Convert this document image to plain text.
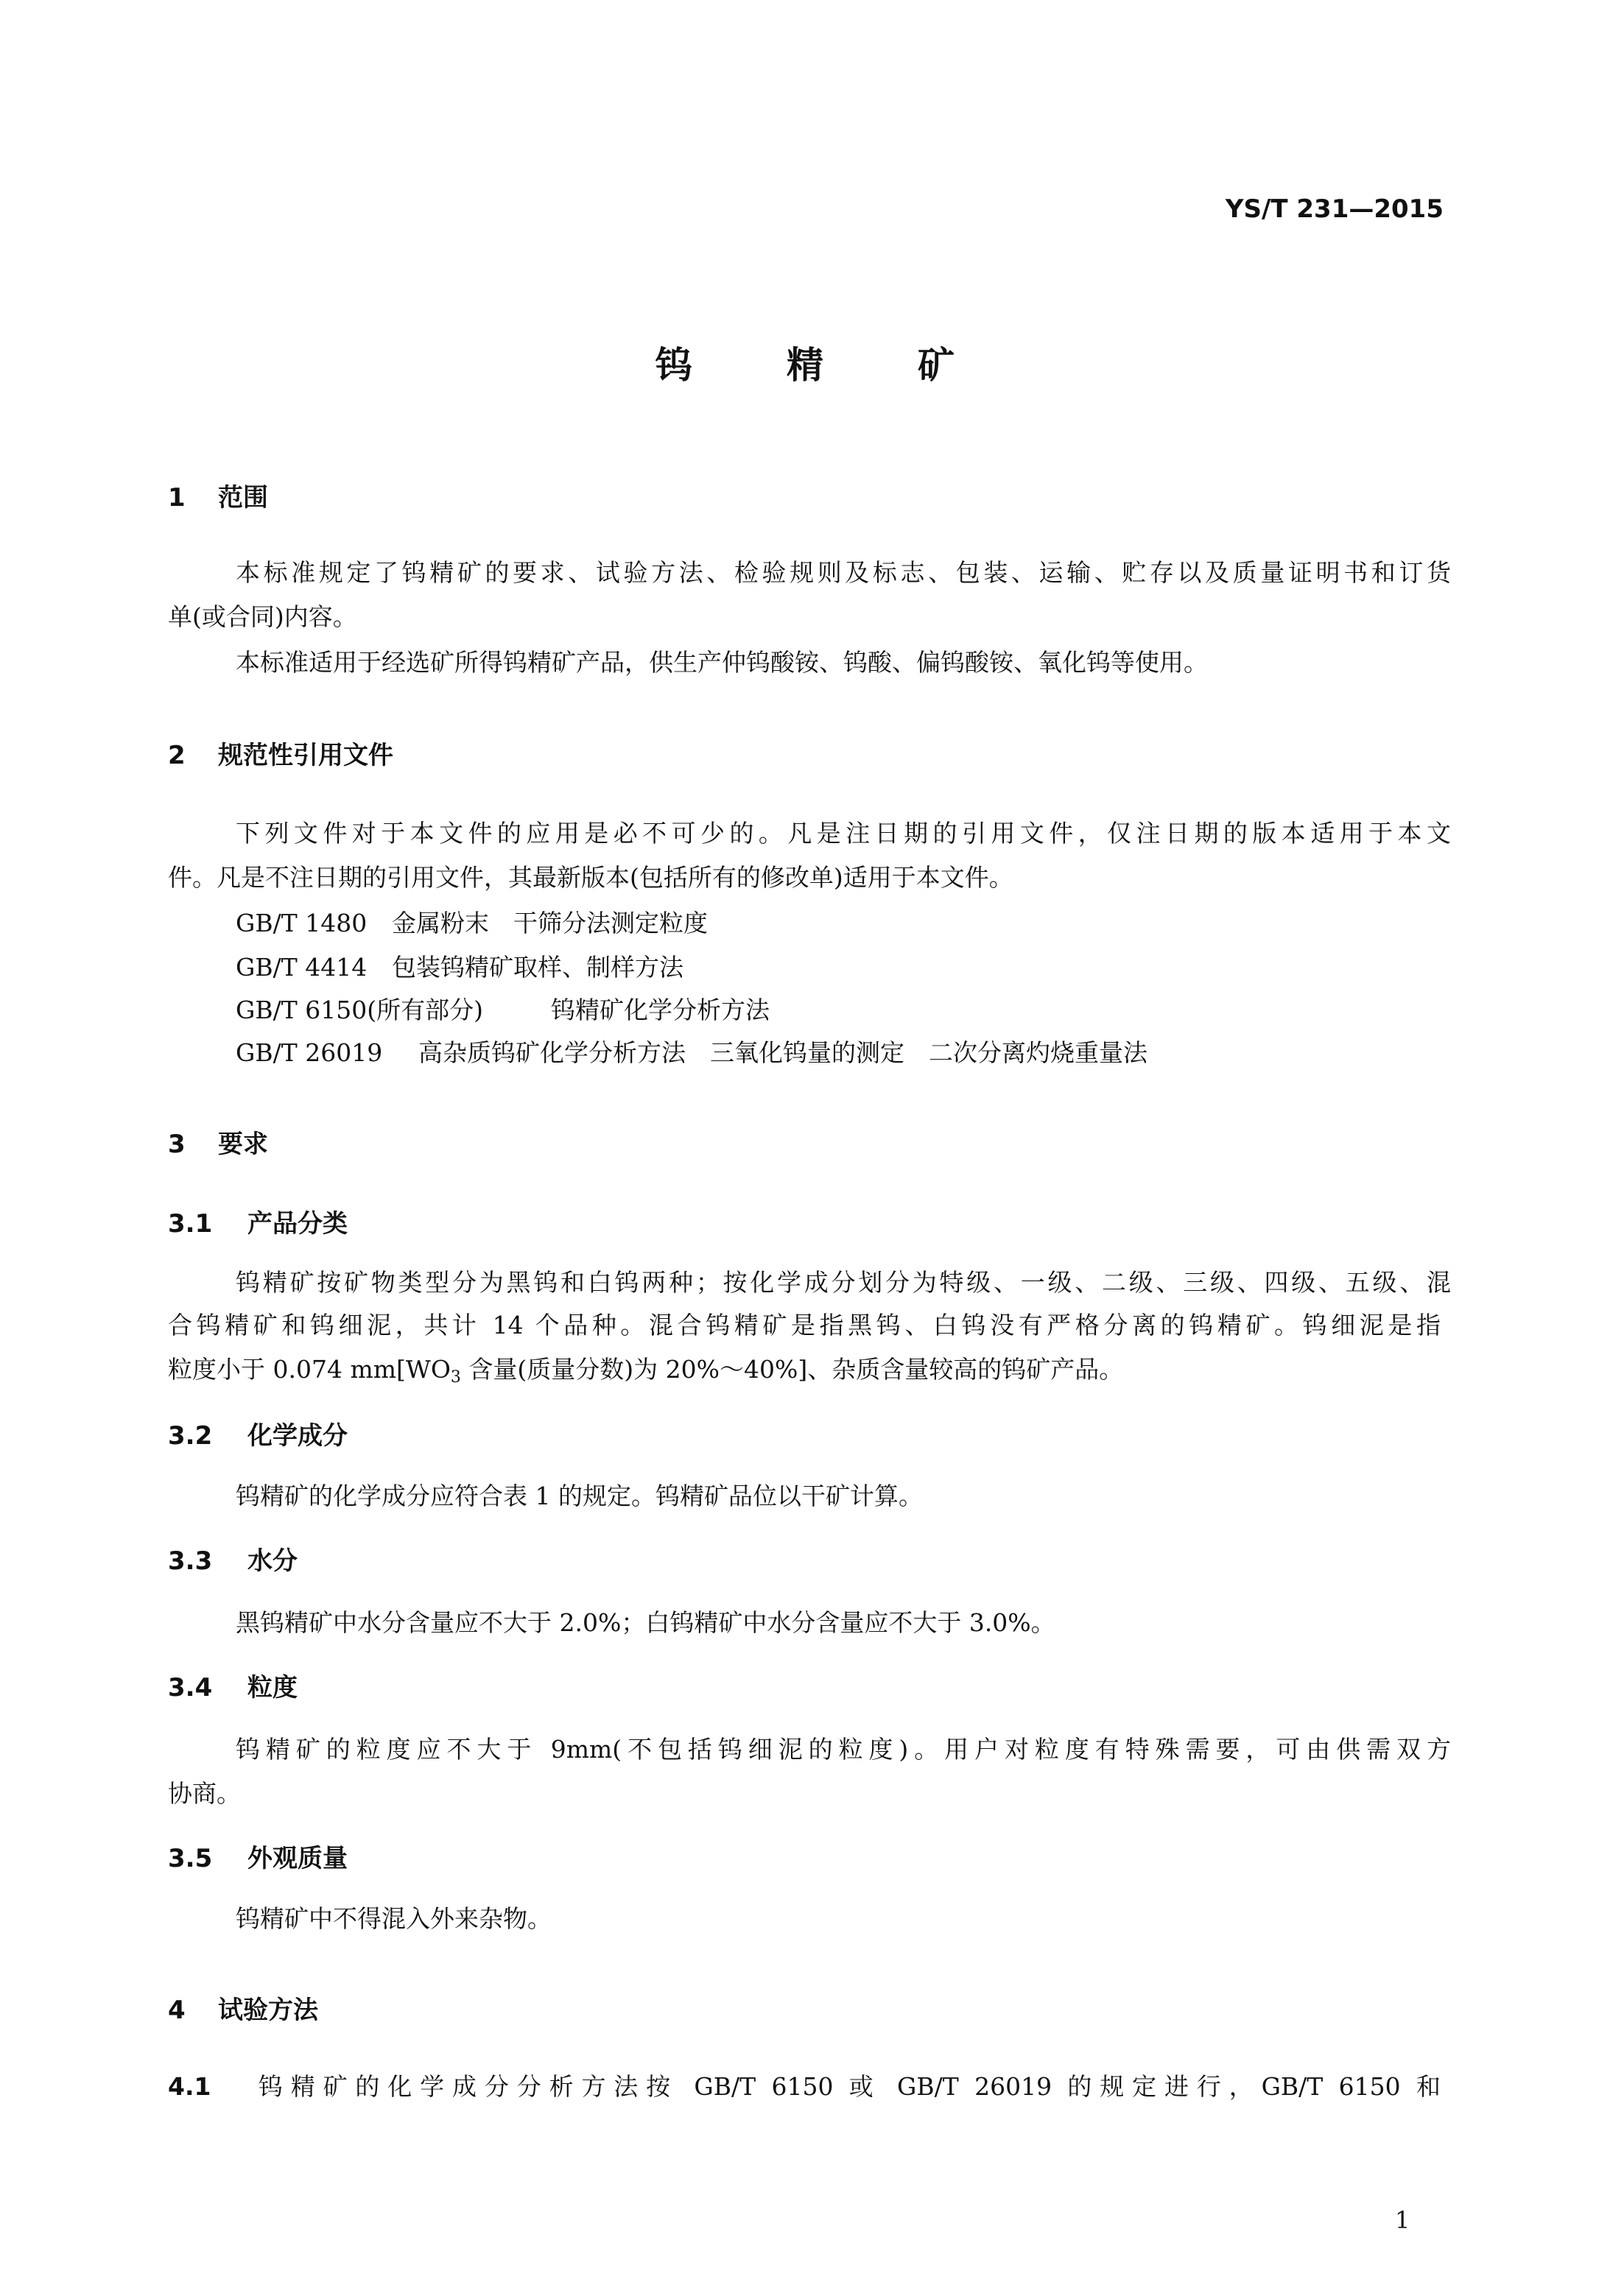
YS/T 231—2015
钨精矿
1 范围
本标准规定了钨精矿的要求、试验方法、检验规则及标志、包装、运输、贮存以及质量证明书和订货
单(或合同)内容。
本标准适用于经选矿所得钨精矿产品，供生产仲钨酸铵、钨酸、偏钨酸铵、氧化钨等使用。
2 规范性引用文件
下列文件对于本文件的应用是必不可少的。凡是注日期的引用文件，仅注日期的版本适用于本文
件。凡是不注日期的引用文件，其最新版本(包括所有的修改单)适用于本文件。
GB/T 1480 金属粉末　干筛分法测定粒度
GB/T 4414 包装钨精矿取样、制样方法
GB/T 6150(所有部分)	钨精矿化学分析方法
GB/T 26019 高杂质钨矿化学分析方法　三氧化钨量的测定　二次分离灼烧重量法
3 要求
3.1 产品分类
钨精矿按矿物类型分为黑钨和白钨两种；按化学成分划分为特级、一级、二级、三级、四级、五级、混
合钨精矿和钨细泥，共计 14 个品种。混合钨精矿是指黑钨、白钨没有严格分离的钨精矿。钨细泥是指
粒度小于 0.074 $mm[WO_3$ 含量(质量分数)为 20%～40%]、杂质含量较高的钨矿产品。
3.2 化学成分
钨精矿的化学成分应符合表 1 的规定。钨精矿品位以干矿计算。
3.3 水分
黑钨精矿中水分含量应不大于 2.0%；白钨精矿中水分含量应不大于 3.0%。
3.4 粒度
钨精矿的粒度应不大于 9mm(不包括钨细泥的粒度)。用户对粒度有特殊需要，可由供需双方
协商。
3.5 外观质量
钨精矿中不得混入外来杂物。
4 试验方法
4.1 钨精矿的化学成分分析方法按 GB/T 6150 或 GB/T 26019 的规定进行，GB/T 6150 和
1
